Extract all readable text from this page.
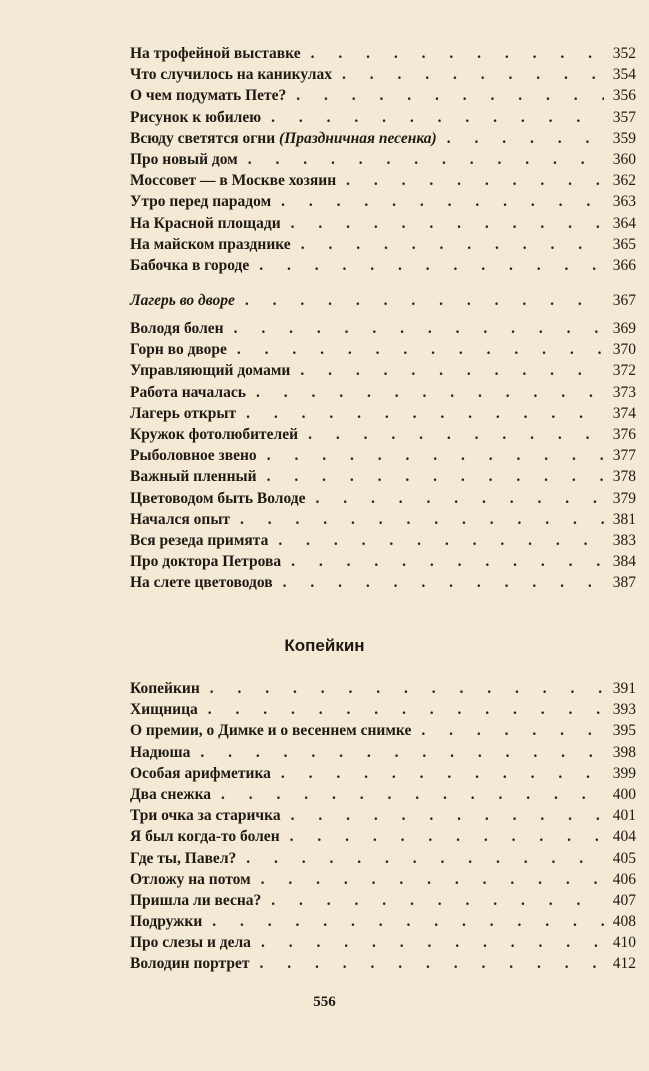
На трофейной выставке . . .	352
Что случилось на каникулах . . .	354
О чем подумать Пете? . . .	356
Рисунок к юбилею . . .	357
Всюду светятся огни
(Праздничная песенка) . . .	359
Про новый дом . . .	360
Моссовет — в Москве хозяин . . .	362
Утро перед парадом . . .	363
На Красной площади . . .	364
На майском празднике . . .	365
Бабочка в городе . . .	366
Лагерь во дворе . . .	367
Володя болен . . .	369
Горн во дворе . . .	370
Управляющий домами . . .	372
Работа началась . . .	373
Лагерь открыт . . .	374
Кружок фотолюбителей . . .	376
Рыболовное звено . . .	377
Важный пленный . . .	378
Цветоводом быть Володе . . .	379
Начался опыт . . .	381
Вся резеда примята . . .	383
Про доктора Петрова . . .	384
На слете цветоводов . . .	387
Копейкин
Копейкин . . .	391
Хищница . . .	393
О премии, о Димке и о весеннем снимке . . .	395
Надюша . . .	398
Особая арифметика . . .	399
Два снежка . . .	400
Три очка за старичка . . .	401
Я был когда-то болен . . .	404
Где ты, Павел? . . .	405
Отложу на потом . . .	406
Пришла ли весна? . . .	407
Подружки . . .	408
Про слезы и дела . . .	410
Володин портрет . . .	412
556
